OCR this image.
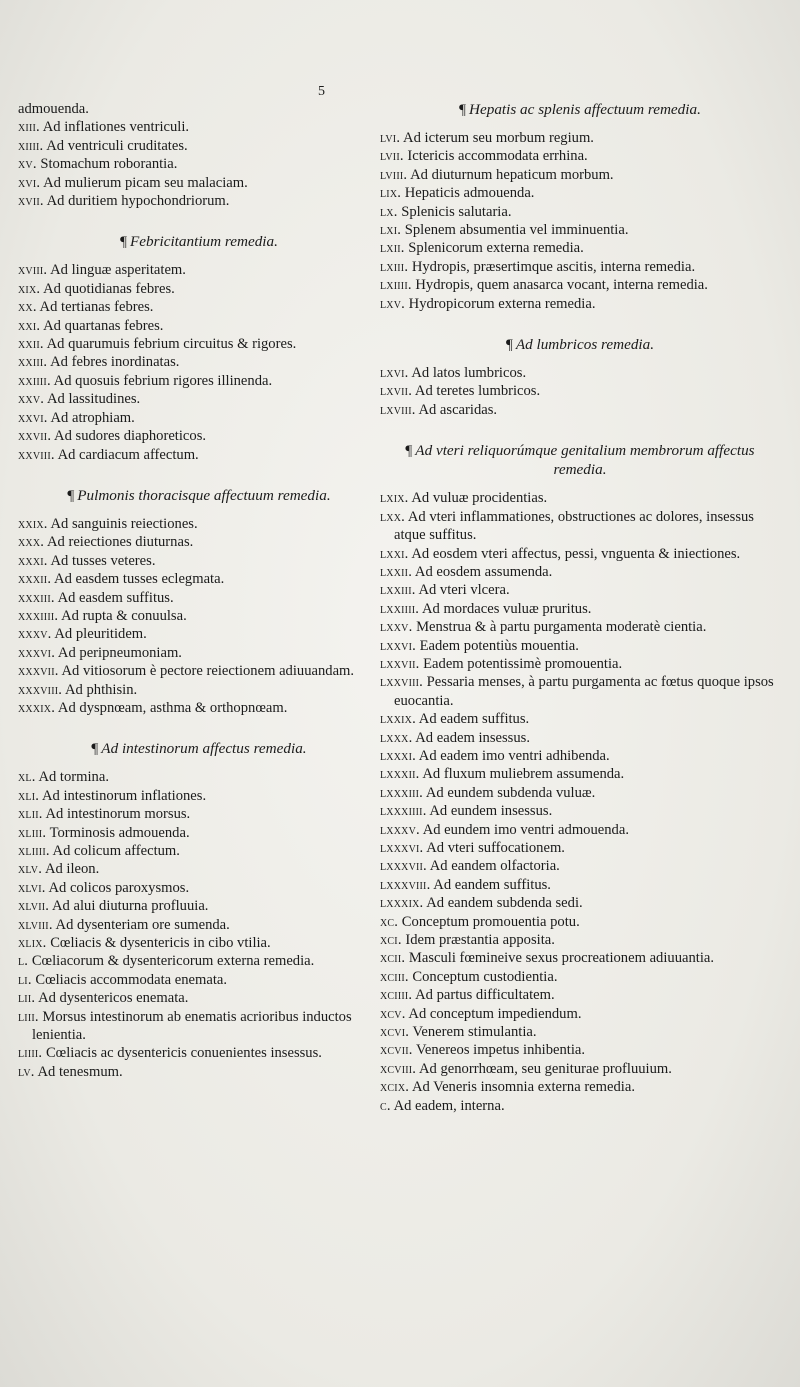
5

admouenda.

xiii. Ad inflationes ventriculi.

xiiii. Ad ventriculi cruditates.

xv. Stomachum roborantia.

xvi. Ad mulierum picam seu malaciam.

xvii. Ad duritiem hypochondriorum.

¶ Febricitantium remedia.

xviii. Ad linguæ asperitatem.

xix. Ad quotidianas febres.

xx. Ad tertianas febres.

xxi. Ad quartanas febres.

xxii. Ad quarumuis febrium circuitus & rigores.

xxiii. Ad febres inordinatas.

xxiiii. Ad quosuis febrium rigores illinenda.

xxv. Ad lassitudines.

xxvi. Ad atrophiam.

xxvii. Ad sudores diaphoreticos.

xxviii. Ad cardiacum affectum.

¶ Pulmonis thoracisque affectuum remedia.

xxix. Ad sanguinis reiectiones.

xxx. Ad reiectiones diuturnas.

xxxi. Ad tusses veteres.

xxxii. Ad easdem tusses eclegmata.

xxxiii. Ad easdem suffitus.

xxxiiii. Ad rupta & conuulsa.

xxxv. Ad pleuritidem.

xxxvi. Ad peripneumoniam.

xxxvii. Ad vitiosorum è pectore reiectionem adiuuandam.

xxxviii. Ad phthisin.

xxxix. Ad dyspnœam, asthma & orthopnœam.

¶ Ad intestinorum affectus remedia.

xl. Ad tormina.

xli. Ad intestinorum inflationes.

xlii. Ad intestinorum morsus.

xliii. Torminosis admouenda.

xliiii. Ad colicum affectum.

xlv. Ad ileon.

xlvi. Ad colicos paroxysmos.

xlvii. Ad alui diuturna profluuia.

xlviii. Ad dysenteriam ore sumenda.

xlix. Cœliacis & dysentericis in cibo vtilia.

l. Cœliacorum & dysentericorum externa remedia.

li. Cœliacis accommodata enemata.

lii. Ad dysentericos enemata.

liii. Morsus intestinorum ab enematis acrioribus inductos lenientia.

liiii. Cœliacis ac dysentericis conuenientes insessus.

lv. Ad tenesmum.

¶ Hepatis ac splenis affectuum remedia.

lvi. Ad icterum seu morbum regium.

lvii. Ictericis accommodata errhina.

lviii. Ad diuturnum hepaticum morbum.

lix. Hepaticis admouenda.

lx. Splenicis salutaria.

lxi. Splenem absumentia vel imminuentia.

lxii. Splenicorum externa remedia.

lxiii. Hydropis, præsertimque ascitis, interna remedia.

lxiiii. Hydropis, quem anasarca vocant, interna remedia.

lxv. Hydropicorum externa remedia.

¶ Ad lumbricos remedia.

lxvi. Ad latos lumbricos.

lxvii. Ad teretes lumbricos.

lxviii. Ad ascaridas.

¶ Ad vteri reliquorúmque genitalium membrorum affectus remedia.

lxix. Ad vuluæ procidentias.

lxx. Ad vteri inflammationes, obstructiones ac dolores, insessus atque suffitus.

lxxi. Ad eosdem vteri affectus, pessi, vnguenta & iniectiones.

lxxii. Ad eosdem assumenda.

lxxiii. Ad vteri vlcera.

lxxiiii. Ad mordaces vuluæ pruritus.

lxxv. Menstrua & à partu purgamenta moderatè cientia.

lxxvi. Eadem potentiùs mouentia.

lxxvii. Eadem potentissimè promouentia.

lxxviii. Pessaria menses, à partu purgamenta ac fœtus quoque ipsos euocantia.

lxxix. Ad eadem suffitus.

lxxx. Ad eadem insessus.

lxxxi. Ad eadem imo ventri adhibenda.

lxxxii. Ad fluxum muliebrem assumenda.

lxxxiii. Ad eundem subdenda vuluæ.

lxxxiiii. Ad eundem insessus.

lxxxv. Ad eundem imo ventri admouenda.

lxxxvi. Ad vteri suffocationem.

lxxxvii. Ad eandem olfactoria.

lxxxviii. Ad eandem suffitus.

lxxxix. Ad eandem subdenda sedi.

xc. Conceptum promouentia potu.

xci. Idem præstantia apposita.

xcii. Masculi fœmineive sexus procreationem adiuuantia.

xciii. Conceptum custodientia.

xciiii. Ad partus difficultatem.

xcv. Ad conceptum impediendum.

xcvi. Venerem stimulantia.

xcvii. Venereos impetus inhibentia.

xcviii. Ad genorrhœam, seu geniturae profluuium.

xcix. Ad Veneris insomnia externa remedia.

c. Ad eadem, interna.
